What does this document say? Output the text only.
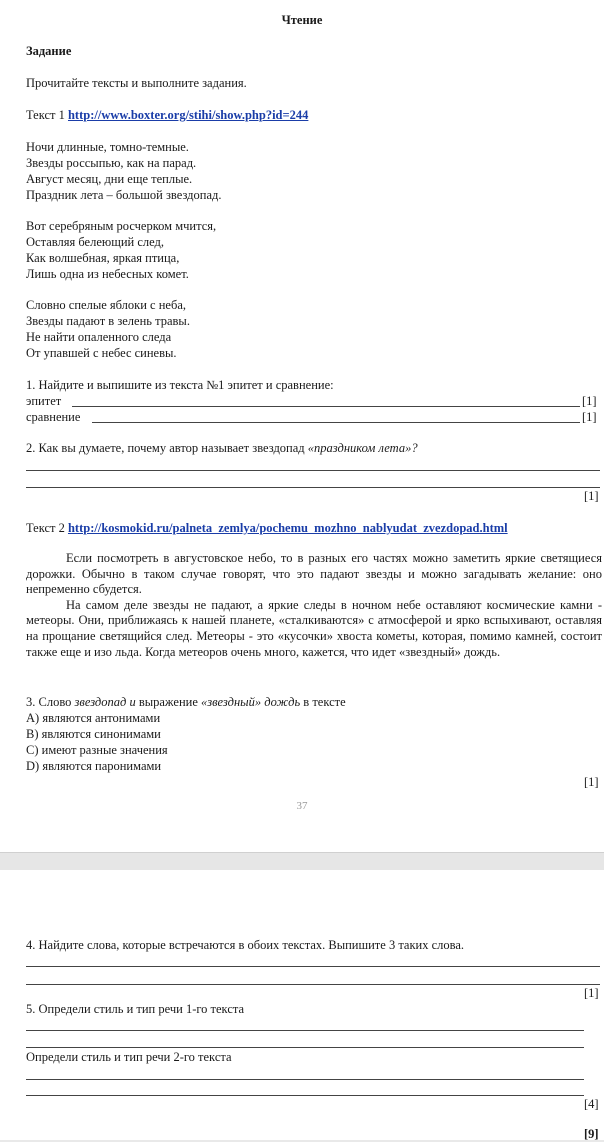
Чтение
Задание
Прочитайте тексты и выполните задания.
Текст 1 http://www.boxter.org/stihi/show.php?id=244
Ночи длинные, томно-темные.
Звезды россыпью, как на парад.
Август месяц, дни еще теплые.
Праздник лета – большой звездопад.
Вот серебряным росчерком мчится,
Оставляя белеющий след,
Как волшебная, яркая птица,
Лишь одна из небесных комет.
Словно спелые яблоки с неба,
Звезды падают в зелень травы.
Не найти опаленного следа
От упавшей с небес синевы.
1. Найдите и выпишите из текста №1 эпитет и сравнение:
эпитет	[1]
сравнение	[1]
2. Как вы думаете, почему автор называет звездопад «праздником лета»?
[1]
Текст 2 http://kosmokid.ru/palneta_zemlya/pochemu_mozhno_nablyudat_zvezdopad.html

Если посмотреть в августовское небо, то в разных его частях можно заметить яркие светящиеся дорожки. Обычно в таком случае говорят, что это падают звезды и можно загадывать желание: оно непременно сбудется.

На самом деле звезды не падают, а яркие следы в ночном небе оставляют космические камни - метеоры. Они, приближаясь к нашей планете, «сталкиваются» с атмосферой и ярко вспыхивают, оставляя на прощание светящийся след. Метеоры - это «кусочки» хвоста кометы, которая, помимо камней, состоит также еще и изо льда. Когда метеоров очень много, кажется, что идет «звездный» дождь.

3. Слово звездопад и выражение «звездный» дождь в тексте
A) являются антонимами
B) являются синонимами
C) имеют разные значения
D) являются паронимами
[1]
37
4. Найдите слова, которые встречаются в обоих текстах. Выпишите 3 таких слова.
[1]
5. Определи стиль и тип речи 1-го текста
Определи стиль и тип речи 2-го текста
[4]
[9]
